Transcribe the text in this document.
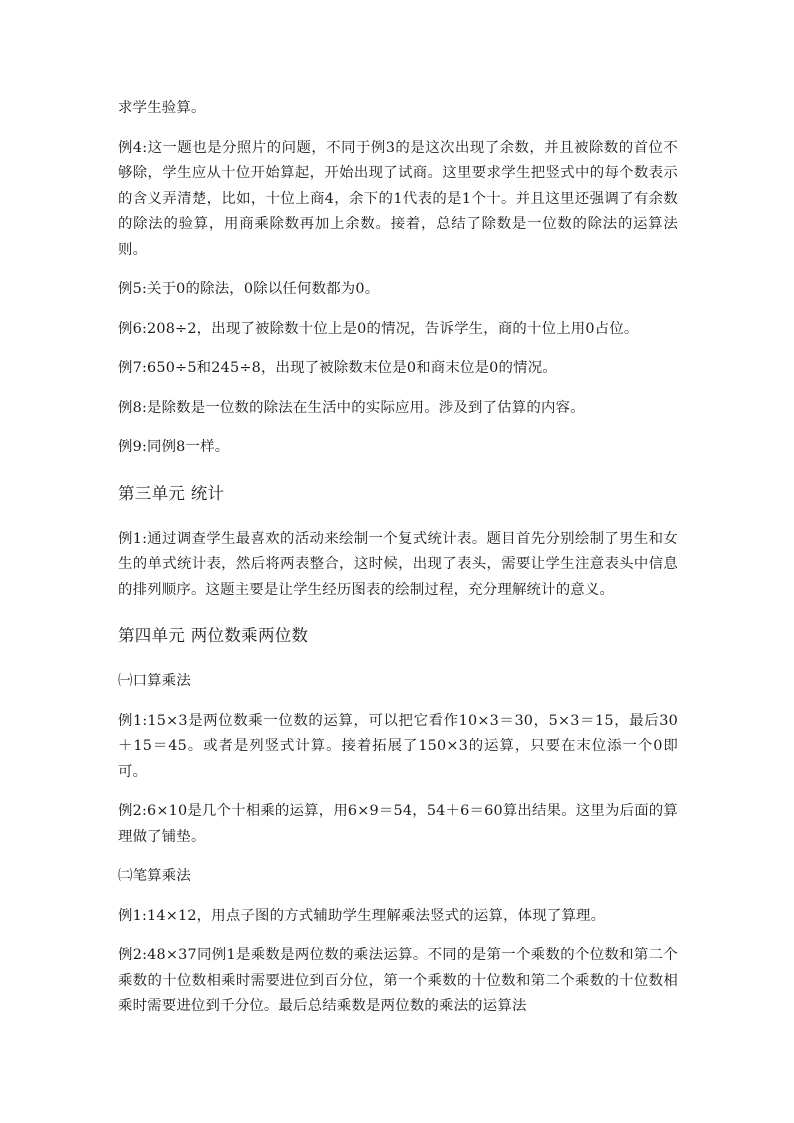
求学生验算。

例4:这一题也是分照片的问题，不同于例3的是这次出现了余数，并且被除数的首位不够除，学生应从十位开始算起，开始出现了试商。这里要求学生把竖式中的每个数表示的含义弄清楚，比如，十位上商4，余下的1代表的是1个十。并且这里还强调了有余数的除法的验算，用商乘除数再加上余数。接着，总结了除数是一位数的除法的运算法则。

例5:关于0的除法，0除以任何数都为0。

例6:208÷2，出现了被除数十位上是0的情况，告诉学生，商的十位上用0占位。

例7:650÷5和245÷8，出现了被除数末位是0和商末位是0的情况。

例8:是除数是一位数的除法在生活中的实际应用。涉及到了估算的内容。

例9:同例8一样。

第三单元 统计

例1:通过调查学生最喜欢的活动来绘制一个复式统计表。题目首先分别绘制了男生和女生的单式统计表，然后将两表整合，这时候，出现了表头，需要让学生注意表头中信息的排列顺序。这题主要是让学生经历图表的绘制过程，充分理解统计的意义。

第四单元 两位数乘两位数

㈠口算乘法

例1:15×3是两位数乘一位数的运算，可以把它看作10×3＝30，5×3＝15，最后30＋15＝45。或者是列竖式计算。接着拓展了150×3的运算，只要在末位添一个0即可。

例2:6×10是几个十相乘的运算，用6×9＝54，54＋6＝60算出结果。这里为后面的算理做了铺垫。

㈡笔算乘法

例1:14×12，用点子图的方式辅助学生理解乘法竖式的运算，体现了算理。

例2:48×37同例1是乘数是两位数的乘法运算。不同的是第一个乘数的个位数和第二个乘数的十位数相乘时需要进位到百分位，第一个乘数的十位数和第二个乘数的十位数相乘时需要进位到千分位。最后总结乘数是两位数的乘法的运算法
